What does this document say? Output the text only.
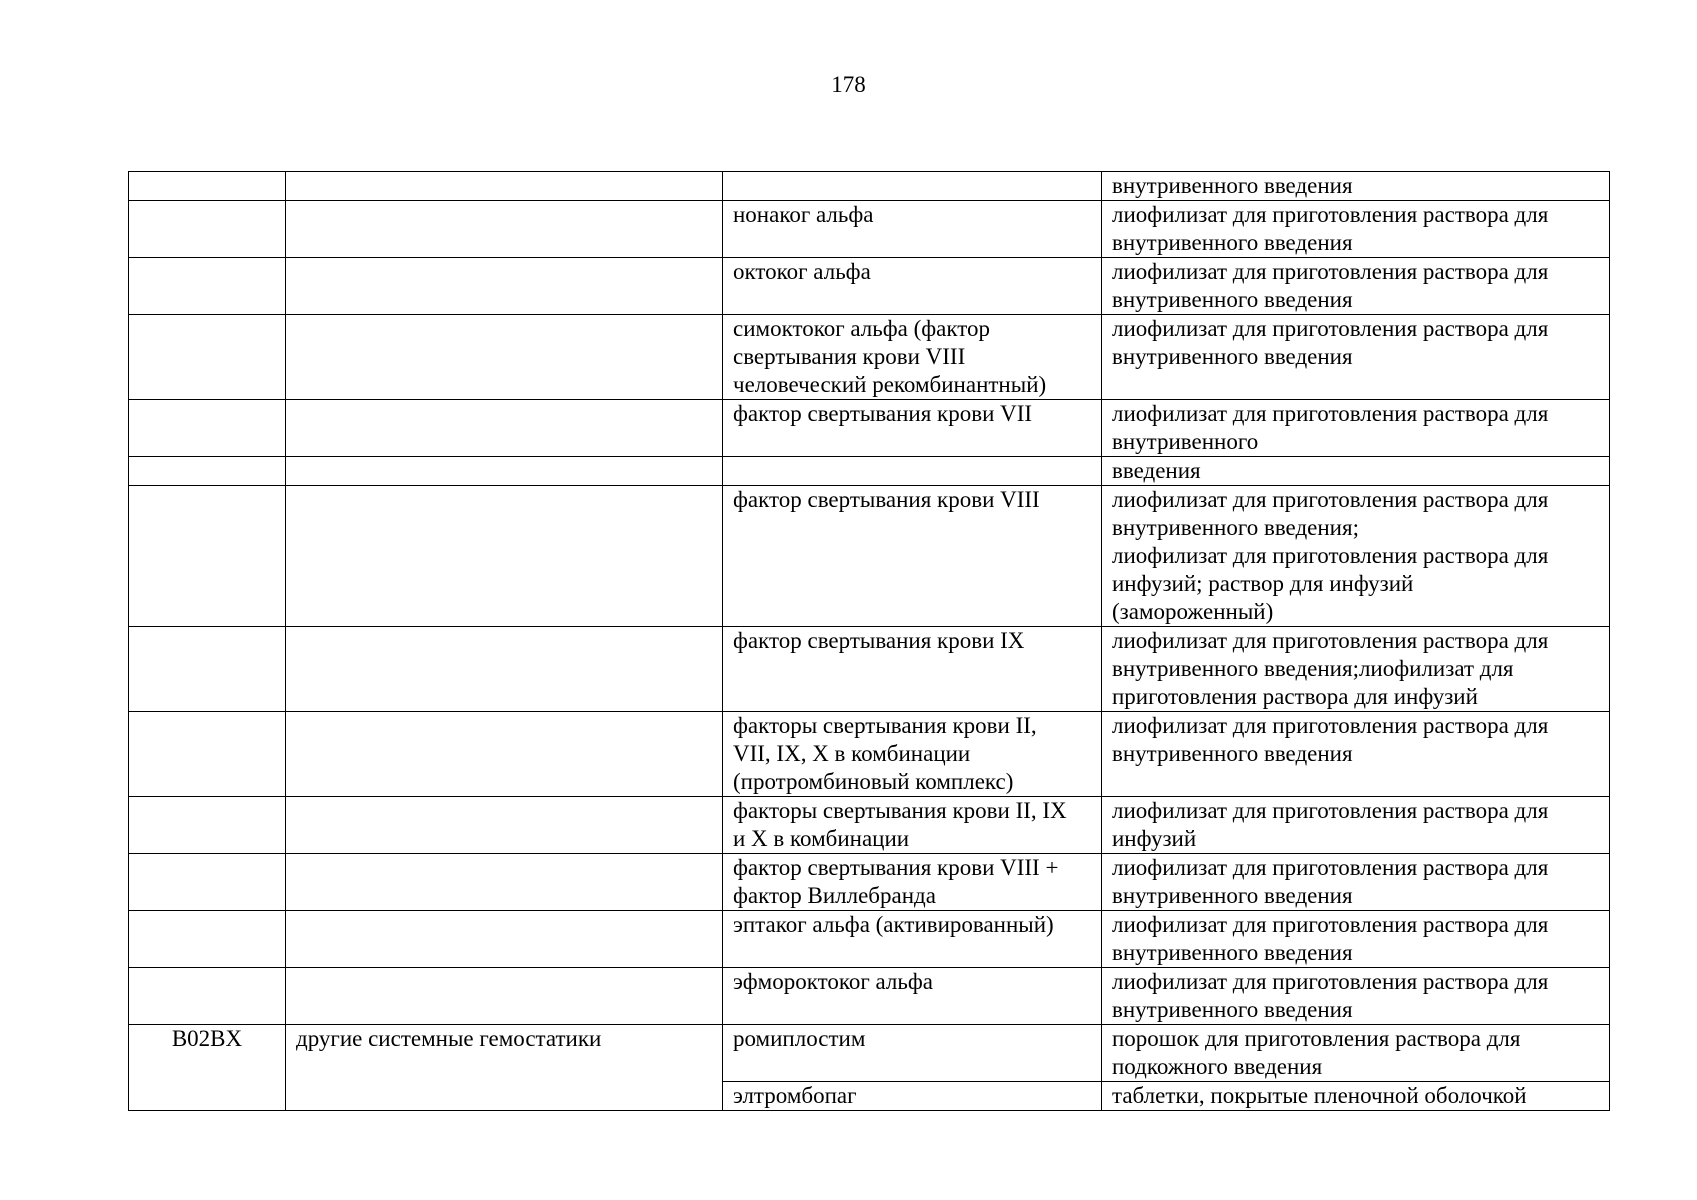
178
			внутривенного введения
		нонаког альфа	лиофилизат для приготовления раствора для
внутривенного введения
		октоког альфа	лиофилизат для приготовления раствора для
внутривенного введения
		симоктоког альфа (фактор
свертывания крови VIII
человеческий рекомбинантный)	лиофилизат для приготовления раствора для
внутривенного введения
		фактор свертывания крови VII	лиофилизат для приготовления раствора для
внутривенного
			введения
		фактор свертывания крови VIII	лиофилизат для приготовления раствора для
внутривенного введения;
лиофилизат для приготовления раствора для
инфузий; раствор для инфузий
(замороженный)
		фактор свертывания крови IX	лиофилизат для приготовления раствора для
внутривенного введения;лиофилизат для
приготовления раствора для инфузий
		факторы свертывания крови II,
VII, IX, X в комбинации
(протромбиновый комплекс)	лиофилизат для приготовления раствора для
внутривенного введения
		факторы свертывания крови II, IX
и X в комбинации	лиофилизат для приготовления раствора для
инфузий
		фактор свертывания крови VIII +
фактор Виллебранда	лиофилизат для приготовления раствора для
внутривенного введения
		эптаког альфа (активированный)	лиофилизат для приготовления раствора для
внутривенного введения
		эфмороктоког альфа	лиофилизат для приготовления раствора для
внутривенного введения
B02BX	другие системные гемостатики	ромиплостим	порошок для приготовления раствора для
подкожного введения
		элтромбопаг	таблетки, покрытые пленочной оболочкой
